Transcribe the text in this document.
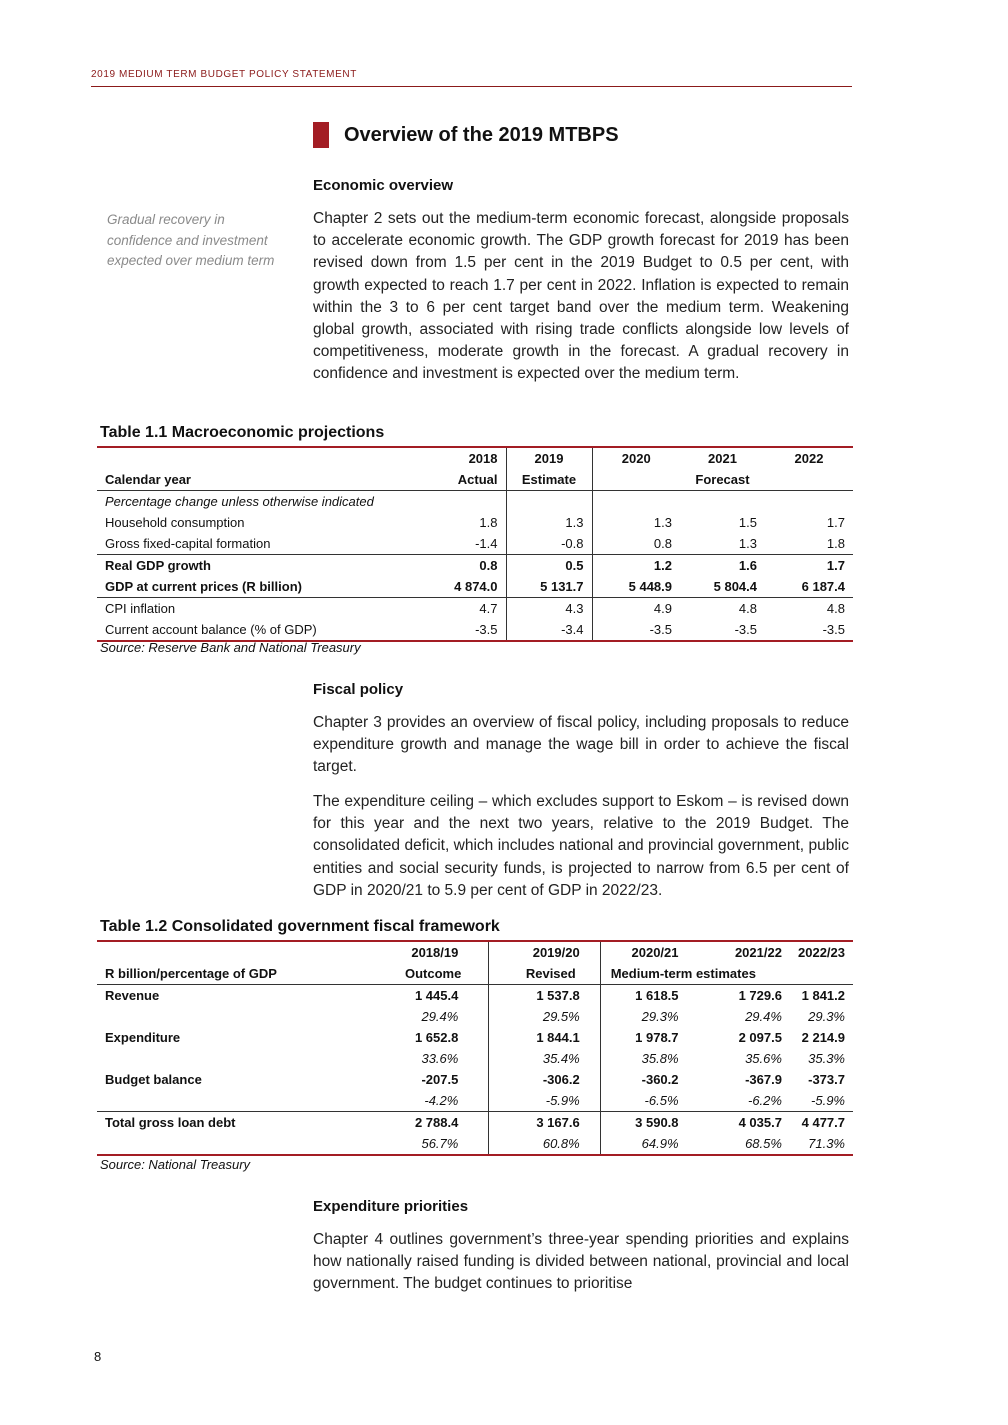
2019 MEDIUM TERM BUDGET POLICY STATEMENT
Overview of the 2019 MTBPS
Economic overview
Gradual recovery in confidence and investment expected over medium term

Chapter 2 sets out the medium-term economic forecast, alongside proposals to accelerate economic growth. The GDP growth forecast for 2019 has been revised down from 1.5 per cent in the 2019 Budget to 0.5 per cent, with growth expected to reach 1.7 per cent in 2022. Inflation is expected to remain within the 3 to 6 per cent target band over the medium term. Weakening global growth, associated with rising trade conflicts alongside low levels of competitiveness, moderate growth in the forecast. A gradual recovery in confidence and investment is expected over the medium term.

Table 1.1 Macroeconomic projections
	2018	2019	2020	2021	2022
Calendar year	Actual	Estimate		Forecast	
Percentage change unless otherwise indicated					
Household consumption	1.8	1.3	1.3	1.5	1.7
Gross fixed-capital formation	-1.4	-0.8	0.8	1.3	1.8
Real GDP growth	0.8	0.5	1.2	1.6	1.7
GDP at current prices (R billion)	4 874.0	5 131.7	5 448.9	5 804.4	6 187.4
CPI inflation	4.7	4.3	4.9	4.8	4.8
Current account balance (% of GDP)	-3.5	-3.4	-3.5	-3.5	-3.5
Source: Reserve Bank and National Treasury
Fiscal policy

Chapter 3 provides an overview of fiscal policy, including proposals to reduce expenditure growth and manage the wage bill in order to achieve the fiscal target.

The expenditure ceiling – which excludes support to Eskom – is revised down for this year and the next two years, relative to the 2019 Budget. The consolidated deficit, which includes national and provincial government, public entities and social security funds, is projected to narrow from 6.5 per cent of GDP in 2020/21 to 5.9 per cent of GDP in 2022/23.

Table 1.2 Consolidated government fiscal framework
	2018/19	2019/20	2020/21	2021/22	2022/23
R billion/percentage of GDP	Outcome	Revised	Medium-term estimates		
Revenue	1 445.4	1 537.8	1 618.5	1 729.6	1 841.2
	29.4%	29.5%	29.3%	29.4%	29.3%
Expenditure	1 652.8	1 844.1	1 978.7	2 097.5	2 214.9
	33.6%	35.4%	35.8%	35.6%	35.3%
Budget balance	-207.5	-306.2	-360.2	-367.9	-373.7
	-4.2%	-5.9%	-6.5%	-6.2%	-5.9%
Total gross loan debt	2 788.4	3 167.6	3 590.8	4 035.7	4 477.7
	56.7%	60.8%	64.9%	68.5%	71.3%
Source: National Treasury
Expenditure priorities

Chapter 4 outlines government’s three-year spending priorities and explains how nationally raised funding is divided between national, provincial and local government. The budget continues to prioritise

8
